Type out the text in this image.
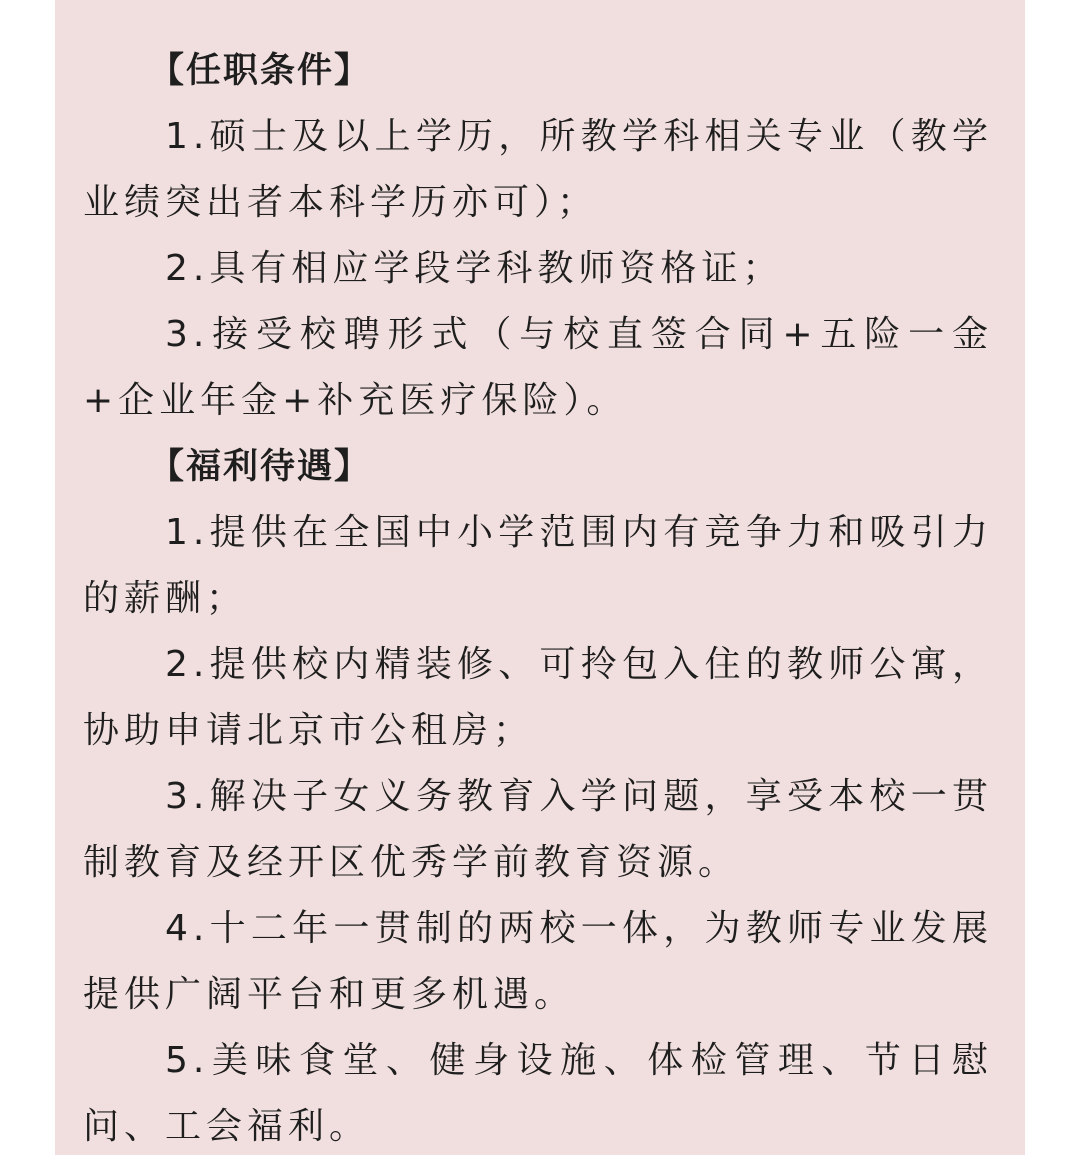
【任职条件】

1.硕士及以上学历，所教学科相关专业（教学业绩突出者本科学历亦可）；

2.具有相应学段学科教师资格证；

3.接受校聘形式（与校直签合同+五险一金+企业年金+补充医疗保险）。

【福利待遇】

1.提供在全国中小学范围内有竞争力和吸引力的薪酬；

2.提供校内精装修、可拎包入住的教师公寓，协助申请北京市公租房；

3.解决子女义务教育入学问题，享受本校一贯制教育及经开区优秀学前教育资源。

4.十二年一贯制的两校一体，为教师专业发展提供广阔平台和更多机遇。

5.美味食堂、健身设施、体检管理、节日慰问、工会福利。
